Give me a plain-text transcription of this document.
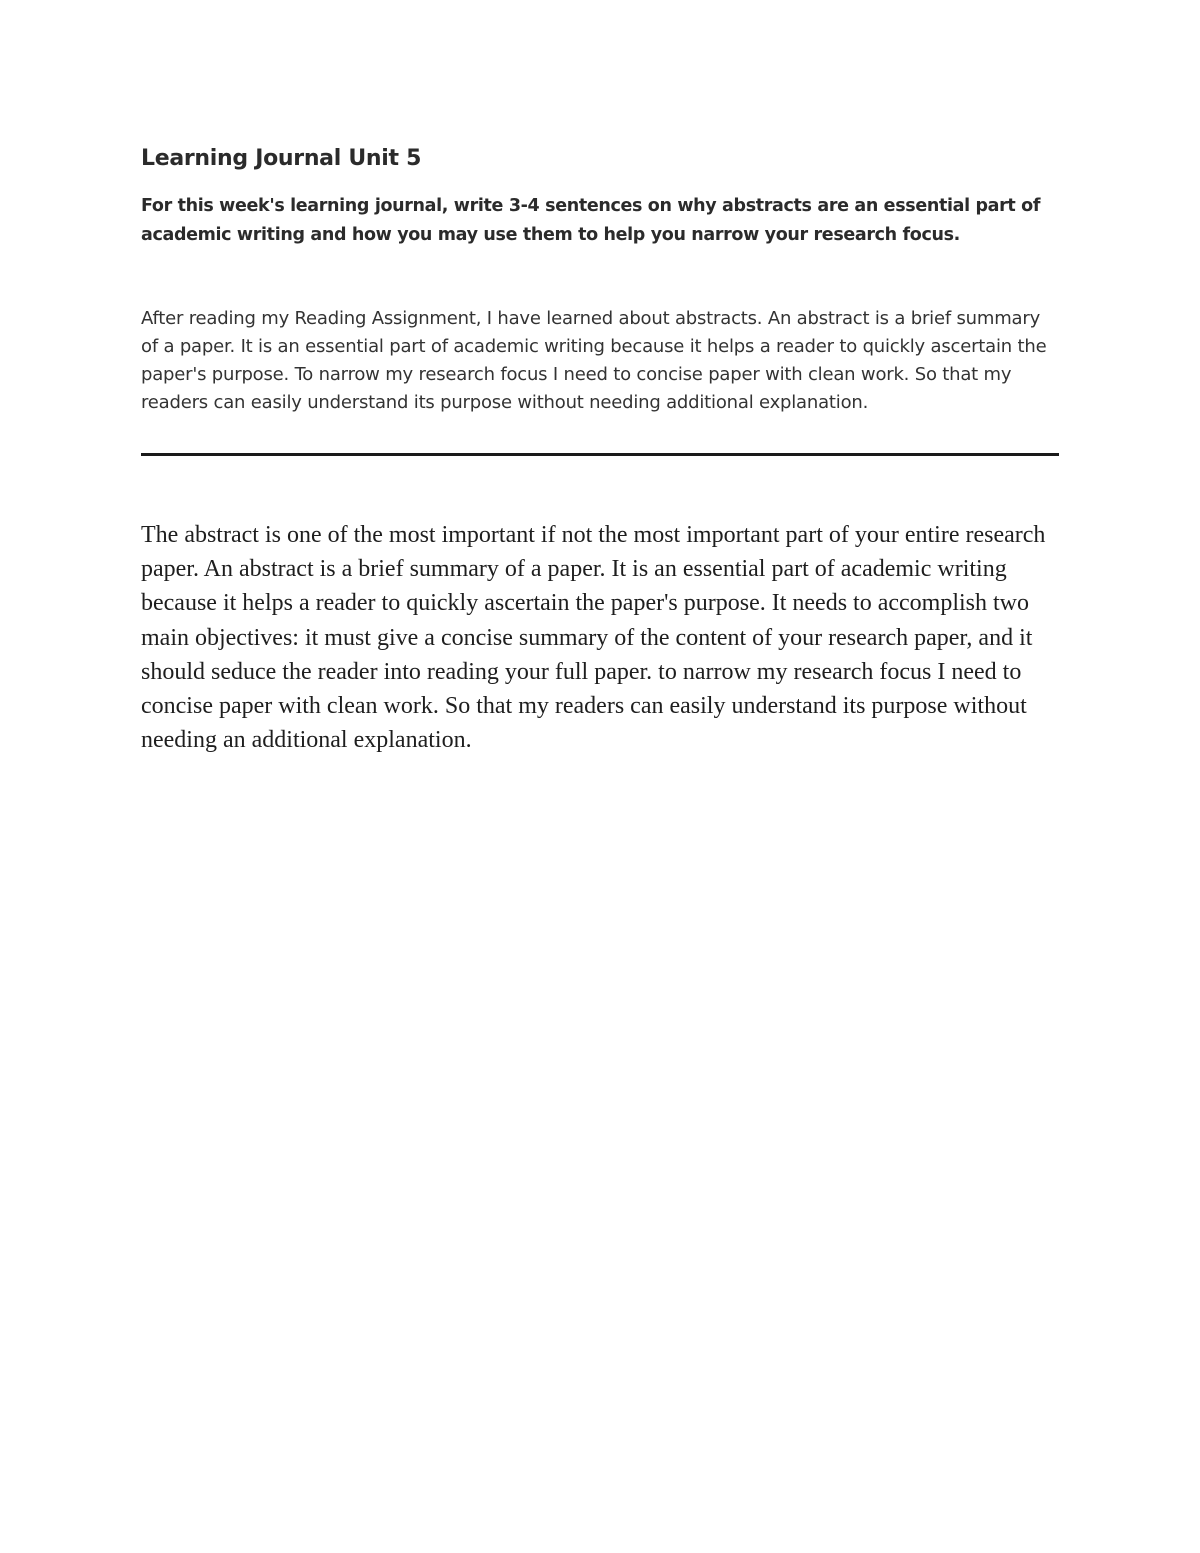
Learning Journal Unit 5

For this week's learning journal, write 3-4 sentences on why abstracts are an essential part of academic writing and how you may use them to help you narrow your research focus.

After reading my Reading Assignment, I have learned about abstracts. An abstract is a brief summary of a paper. It is an essential part of academic writing because it helps a reader to quickly ascertain the paper's purpose. To narrow my research focus I need to concise paper with clean work. So that my readers can easily understand its purpose without needing additional explanation.

The abstract is one of the most important if not the most important part of your entire research paper. An abstract is a brief summary of a paper. It is an essential part of academic writing because it helps a reader to quickly ascertain the paper's purpose. It needs to accomplish two main objectives: it must give a concise summary of the content of your research paper, and it should seduce the reader into reading your full paper. to narrow my research focus I need to concise paper with clean work. So that my readers can easily understand its purpose without needing an additional explanation.
